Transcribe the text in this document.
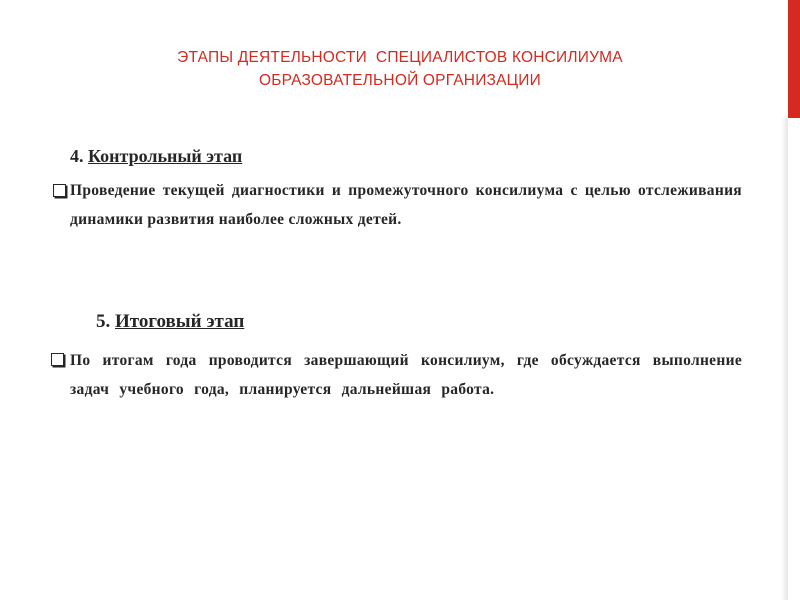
ЭТАПЫ ДЕЯТЕЛЬНОСТИ  СПЕЦИАЛИСТОВ КОНСИЛИУМА
ОБРАЗОВАТЕЛЬНОЙ ОРГАНИЗАЦИИ
4. Контрольный этап
Проведение текущей диагностики и промежуточного консилиума с целью отслеживания динамики развития наиболее сложных детей.
5. Итоговый этап
По итогам года проводится завершающий консилиум, где обсуждается выполнение задач учебного года, планируется дальнейшая работа.
